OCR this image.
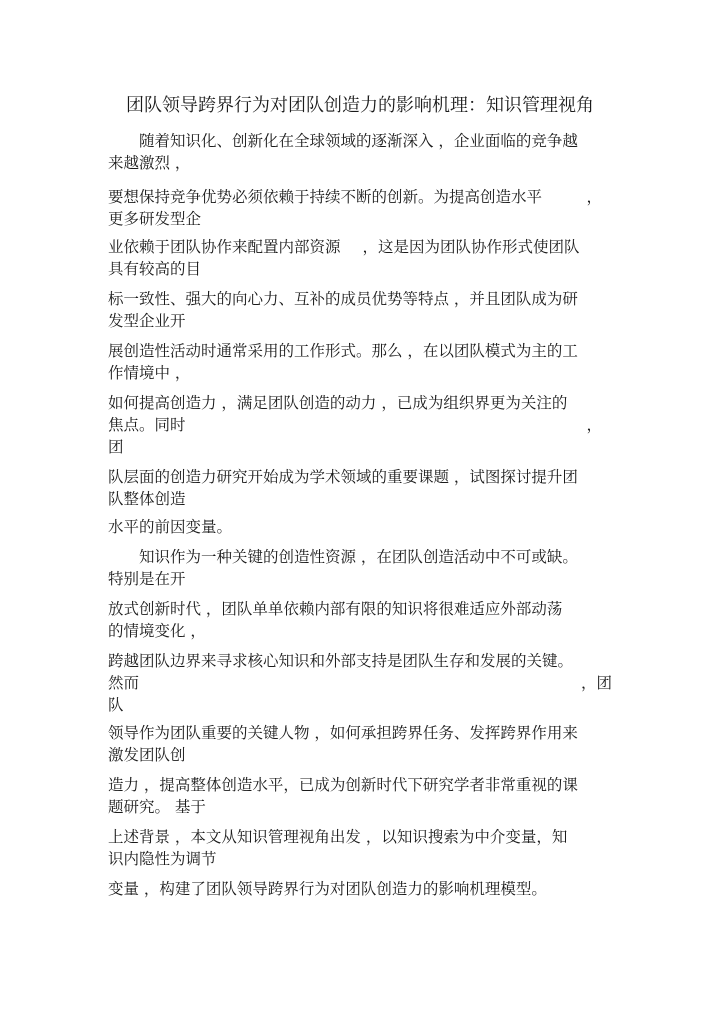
团队领导跨界行为对团队创造力的影响机理：知识管理视角
随着知识化、创新化在全球领域的逐渐深入 ，企业面临的竞争越
来越激烈 ，
要想保持竞争优势必须依赖于持续不断的创新。为提高创造水平	，
更多研发型企
业依赖于团队协作来配置内部资源 ，这是因为团队协作形式使团队
具有较高的目
标一致性、强大的向心力、互补的成员优势等特点 ，并且团队成为研
发型企业开
展创造性活动时通常采用的工作形式。那么 ，在以团队模式为主的工
作情境中 ，
如何提高创造力 ，满足团队创造的动力 ，已成为组织界更为关注的
焦点。同时	，
团
队层面的创造力研究开始成为学术领域的重要课题 ，试图探讨提升团
队整体创造
水平的前因变量。
知识作为一种关键的创造性资源 ，在团队创造活动中不可或缺。
特别是在开
放式创新时代 ，团队单单依赖内部有限的知识将很难适应外部动荡
的情境变化 ，
跨越团队边界来寻求核心知识和外部支持是团队生存和发展的关键。
然而	，团
队
领导作为团队重要的关键人物 ，如何承担跨界任务、发挥跨界作用来
激发团队创
造力 ，提高整体创造水平，已成为创新时代下研究学者非常重视的课
题研究。 基于
上述背景 ，本文从知识管理视角出发 ，以知识搜索为中介变量，知
识内隐性为调节
变量 ，构建了团队领导跨界行为对团队创造力的影响机理模型。
